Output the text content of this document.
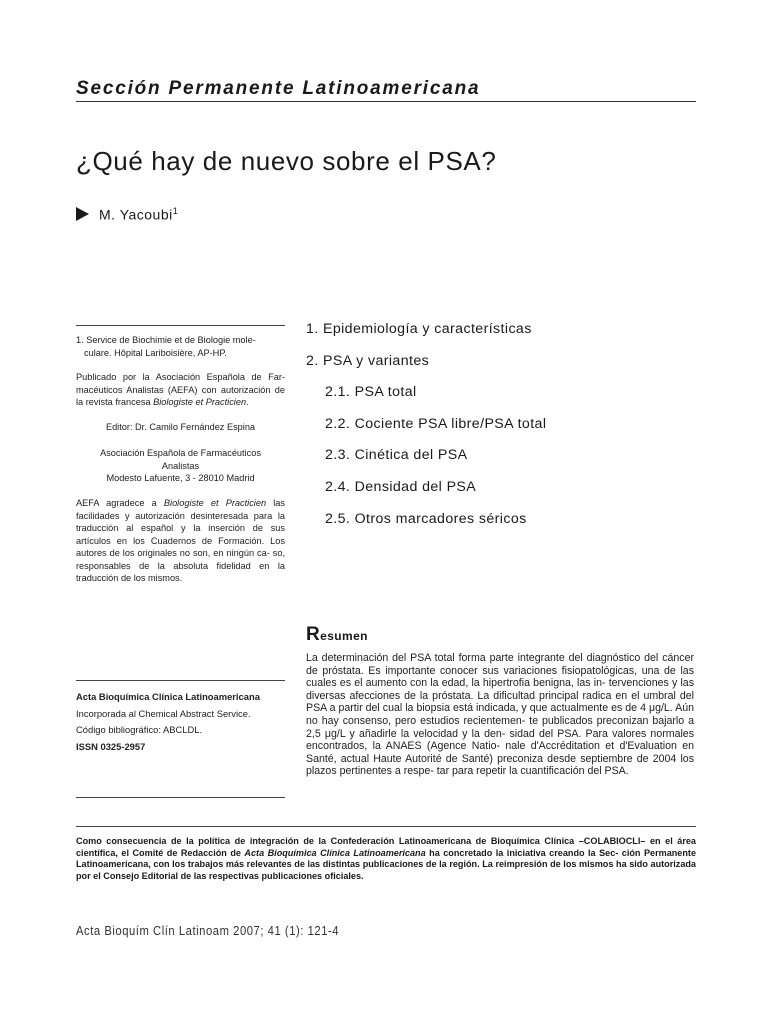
Sección Permanente Latinoamericana
¿Qué hay de nuevo sobre el PSA?
M. Yacoubi$^1$
1. Service de Biochimie et de Biologie mole-
culare. Hôpital Lariboisière, AP-HP.
Publicado por la Asociación Española de Far- macéuticos Analistas (AEFA) con autorización de la revista francesa Biologiste et Practicien.
Editor: Dr. Camilo Fernández Espina
Asociación Española de Farmacéuticos
Analistas
Modesto Lafuente, 3 - 28010 Madrid
AEFA agradece a Biologiste et Practicien las facilidades y autorización desinteresada para la traducción al español y la inserción de sus artículos en los Cuadernos de Formación. Los autores de los originales no son, en ningún ca- so, responsables de la absoluta fidelidad en la traducción de los mismos.
Acta Bioquímica Clínica Latinoamericana
Incorporada al Chemical Abstract Service.
Código bibliográfico: ABCLDL.
ISSN 0325-2957
1. Epidemiología y características
2. PSA y variantes
2.1. PSA total
2.2. Cociente PSA libre/PSA total
2.3. Cinética del PSA
2.4. Densidad del PSA
2.5. Otros marcadores séricos
Resumen
La determinación del PSA total forma parte integrante del diagnóstico del cáncer de próstata. Es importante conocer sus variaciones fisiopatológicas, una de las cuales es el aumento con la edad, la hipertrofia benigna, las in- tervenciones y las diversas afecciones de la próstata. La dificultad principal radica en el umbral del PSA a partir del cual la biopsia está indicada, y que actualmente es de 4 μg/L. Aún no hay consenso, pero estudios recientemen- te publicados preconizan bajarlo a 2,5 μg/L y añadirle la velocidad y la den- sidad del PSA. Para valores normales encontrados, la ANAES (Agence Natio- nale d'Accréditation et d'Evaluation en Santé, actual Haute Autorité de Santé) preconiza desde septiembre de 2004 los plazos pertinentes a respe- tar para repetir la cuantificación del PSA.
Como consecuencia de la política de integración de la Confederación Latinoamericana de Bioquímica Clínica –COLABIOCLI– en el área científica, el Comité de Redacción de Acta Bioquímica Clínica Latinoamericana ha concretado la iniciativa creando la Sec- ción Permanente Latinoamericana, con los trabajos más relevantes de las distintas publicaciones de la región. La reimpresión de los mismos ha sido autorizada por el Consejo Editorial de las respectivas publicaciones oficiales.
Acta Bioquím Clín Latinoam 2007; 41 (1): 121-4
